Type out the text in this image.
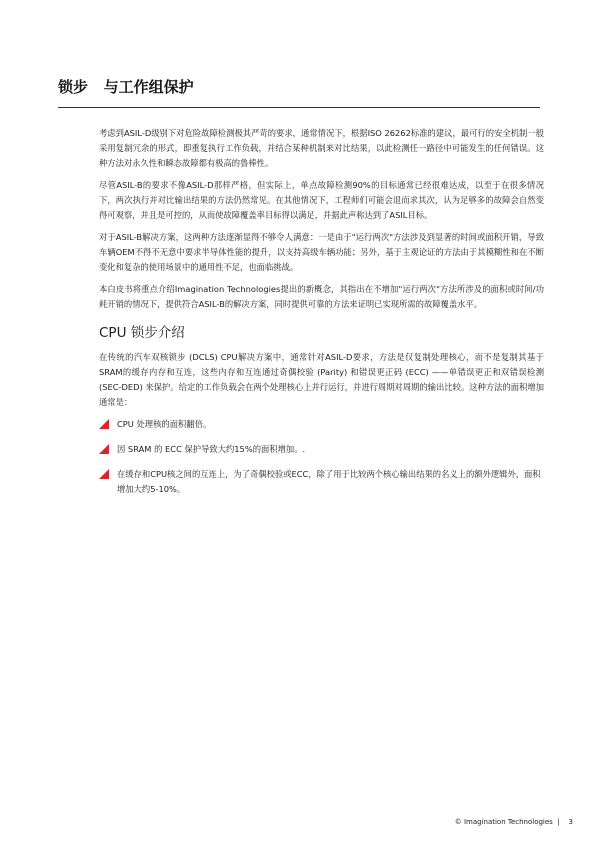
锁步   与工作组保护

考虑到ASIL-D级别下对危险故障检测极其严苛的要求，通常情况下，根据ISO 26262标准的建议，最可行的安全机制一般采用复制冗余的形式，即重复执行工作负载，并结合某种机制来对比结果，以此检测任一路径中可能发生的任何错误。这种方法对永久性和瞬态故障都有极高的鲁棒性。

尽管ASIL-B的要求不像ASIL-D那样严格，但实际上，单点故障检测90%的目标通常已经很难达成，以至于在很多情况下，两次执行并对比输出结果的方法仍然常见。在其他情况下，工程师们可能会退而求其次，认为足够多的故障会自然变得可观察，并且是可控的，从而使故障覆盖率目标得以满足，并据此声称达到了ASIL目标。

对于ASIL-B解决方案，这两种方法逐渐显得不够令人满意：一是由于"运行两次"方法涉及到显著的时间或面积开销，导致车辆OEM不得不无意中要求半导体性能的提升，以支持高级车辆功能；另外，基于主观论证的方法由于其模糊性和在不断变化和复杂的使用场景中的通用性不足，也面临挑战。

本白皮书将重点介绍Imagination Technologies提出的新概念，其指出在不增加"运行两次"方法所涉及的面积或时间/功耗开销的情况下，提供符合ASIL-B的解决方案，同时提供可靠的方法来证明已实现所需的故障覆盖水平。

CPU 锁步介绍

在传统的汽车双核锁步 (DCLS) CPU解决方案中，通常针对ASIL-D要求，方法是仅复制处理核心，而不是复制其基于SRAM的缓存内存和互连，这些内存和互连通过奇偶校验 (Parity) 和错误更正码 (ECC) ——单错误更正和双错误检测 (SEC-DED) 来保护。给定的工作负载会在两个处理核心上并行运行，并进行周期对周期的输出比较。这种方法的面积增加通常是：

CPU 处理核的面积翻倍。
因 SRAM 的 ECC 保护导致大约15%的面积增加。.
在缓存和CPU核之间的互连上，为了奇偶校验或ECC，除了用于比较两个核心输出结果的名义上的额外逻辑外，面积增加大约5-10%。
© Imagination Technologies  |    3
